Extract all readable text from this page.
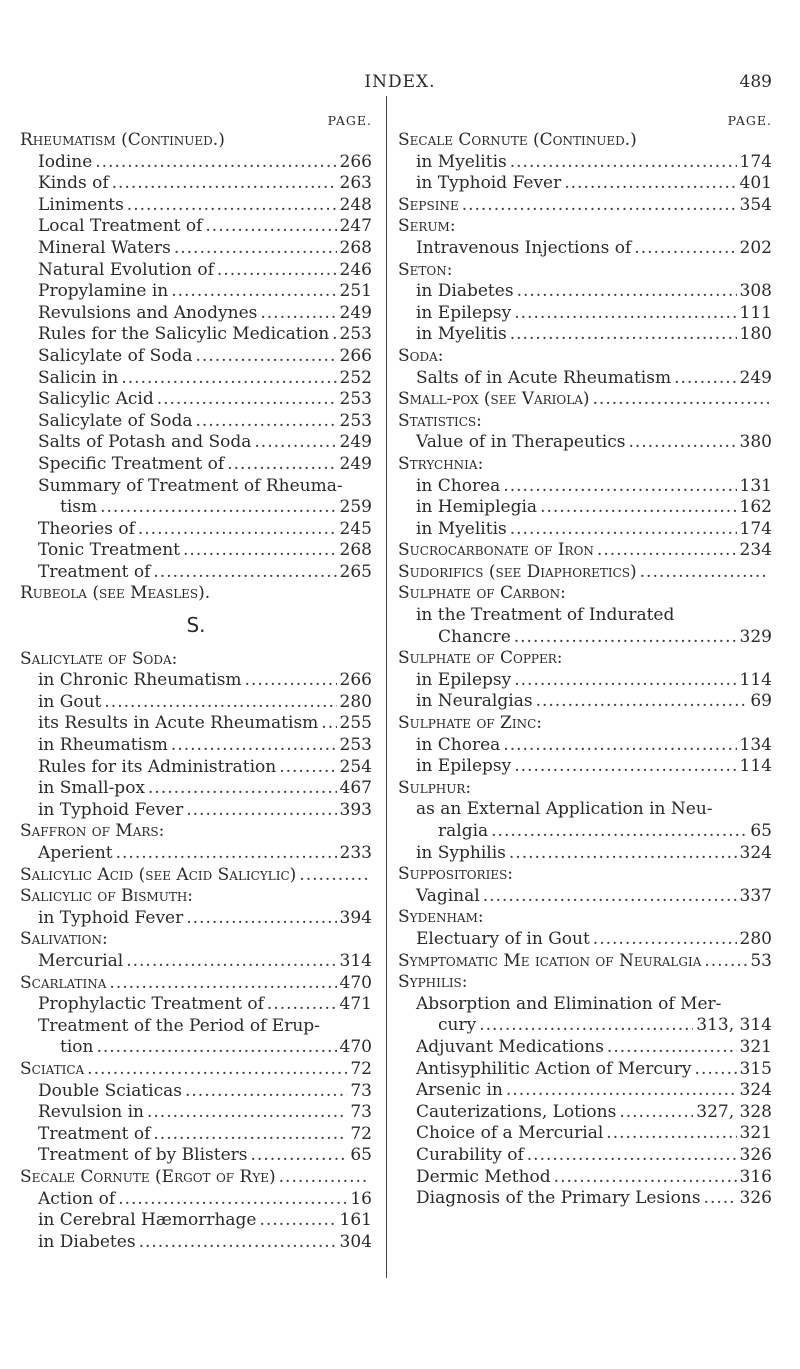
INDEX.	489
PAGE.
Rheumatism (Continued.)
Iodine .....	266
Kinds of .....	263
Liniments .....	248
Local Treatment of .....	247
Mineral Waters .....	268
Natural Evolution of .....	246
Propylamine in .....	251
Revulsions and Anodynes .....	249
Rules for the Salicylic Medication ..... 253
Salicylate of Soda .....	266
Salicin in .....	252
Salicylic Acid .....	253
Salicylate of Soda .....	253
Salts of Potash and Soda .....	249
Specific Treatment of .....	249
Summary of Treatment of Rheuma-
tism .....	259
Theories of .....	245
Tonic Treatment .....	268
Treatment of .....	265
Rubeola (see Measles).
S.
Salicylate of Soda:
in Chronic Rheumatism .....	266
in Gout .....	280
its Results in Acute Rheumatism ..... 255
in Rheumatism .....	253
Rules for its Administration .....	254
in Small-pox .....	467
in Typhoid Fever .....	393
Saffron of Mars:
Aperient .....	233
Salicylic Acid (see Acid Salicylic)
.....
Salicylic of Bismuth:
in Typhoid Fever .....	394
Salivation:
Mercurial .....	314
Scarlatina .....	470
Prophylactic Treatment of .....	471
Treatment of the Period of Erup-
tion .....	470
Sciatica .....	72
Double Sciaticas .....	73
Revulsion in .....	73
Treatment of .....	72
Treatment of by Blisters .....	65
Secale Cornute (Ergot of Rye)
.....
Action of .....	16
in Cerebral Hæmorrhage .....	161
in Diabetes .....	304
PAGE.
Secale Cornute (Continued.)
in Myelitis .....	174
in Typhoid Fever .....	401
Sepsine .....	354
Serum:
Intravenous Injections of .....	202
Seton:
in Diabetes .....	308
in Epilepsy .....	111
in Myelitis .....	180
Soda:
Salts of in Acute Rheumatism .....	249
Small-pox (see Variola)
.....
Statistics:
Value of in Therapeutics .....	380
Strychnia:
in Chorea .....	131
in Hemiplegia .....	162
in Myelitis .....	174
Sucrocarbonate of Iron .....	234
Sudorifics (see Diaphoretics)
.....
Sulphate of Carbon:
in the Treatment of Indurated
Chancre .....	329
Sulphate of Copper:
in Epilepsy .....	114
in Neuralgias .....	69
Sulphate of Zinc:
in Chorea .....	134
in Epilepsy .....	114
Sulphur:
as an External Application in Neu-
ralgia .....	65
in Syphilis .....	324
Suppositories:
Vaginal .....	337
Sydenham:
Electuary of in Gout .....	280
Symptomatic Me ication of Neuralgia .....	53
Syphilis:
Absorption and Elimination of Mer-
cury .....	313, 314
Adjuvant Medications .....	321
Antisyphilitic Action of Mercury .....	315
Arsenic in .....	324
Cauterizations, Lotions .....	327, 328
Choice of a Mercurial .....	321
Curability of .....	326
Dermic Method .....	316
Diagnosis of the Primary Lesions ..... 326
